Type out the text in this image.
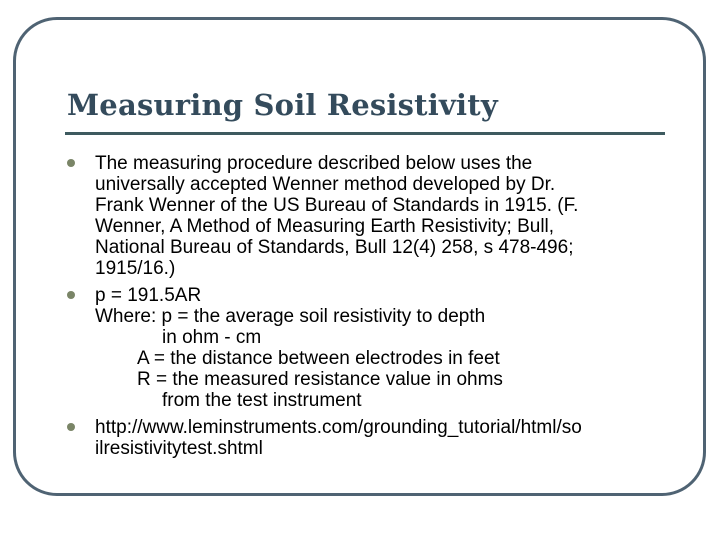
Measuring Soil Resistivity
The measuring procedure described below uses the
universally accepted Wenner method developed by Dr.
Frank Wenner of the US Bureau of Standards in 1915. (F.
Wenner, A Method of Measuring Earth Resistivity; Bull,
National Bureau of Standards, Bull 12(4) 258, s 478-496;
1915/16.)
p = 191.5AR
Where: p = the average soil resistivity to depth
in ohm - cm
A = the distance between electrodes in feet
R = the measured resistance value in ohms
from the test instrument
http://www.leminstruments.com/grounding_tutorial/html/so
ilresistivitytest.shtml
